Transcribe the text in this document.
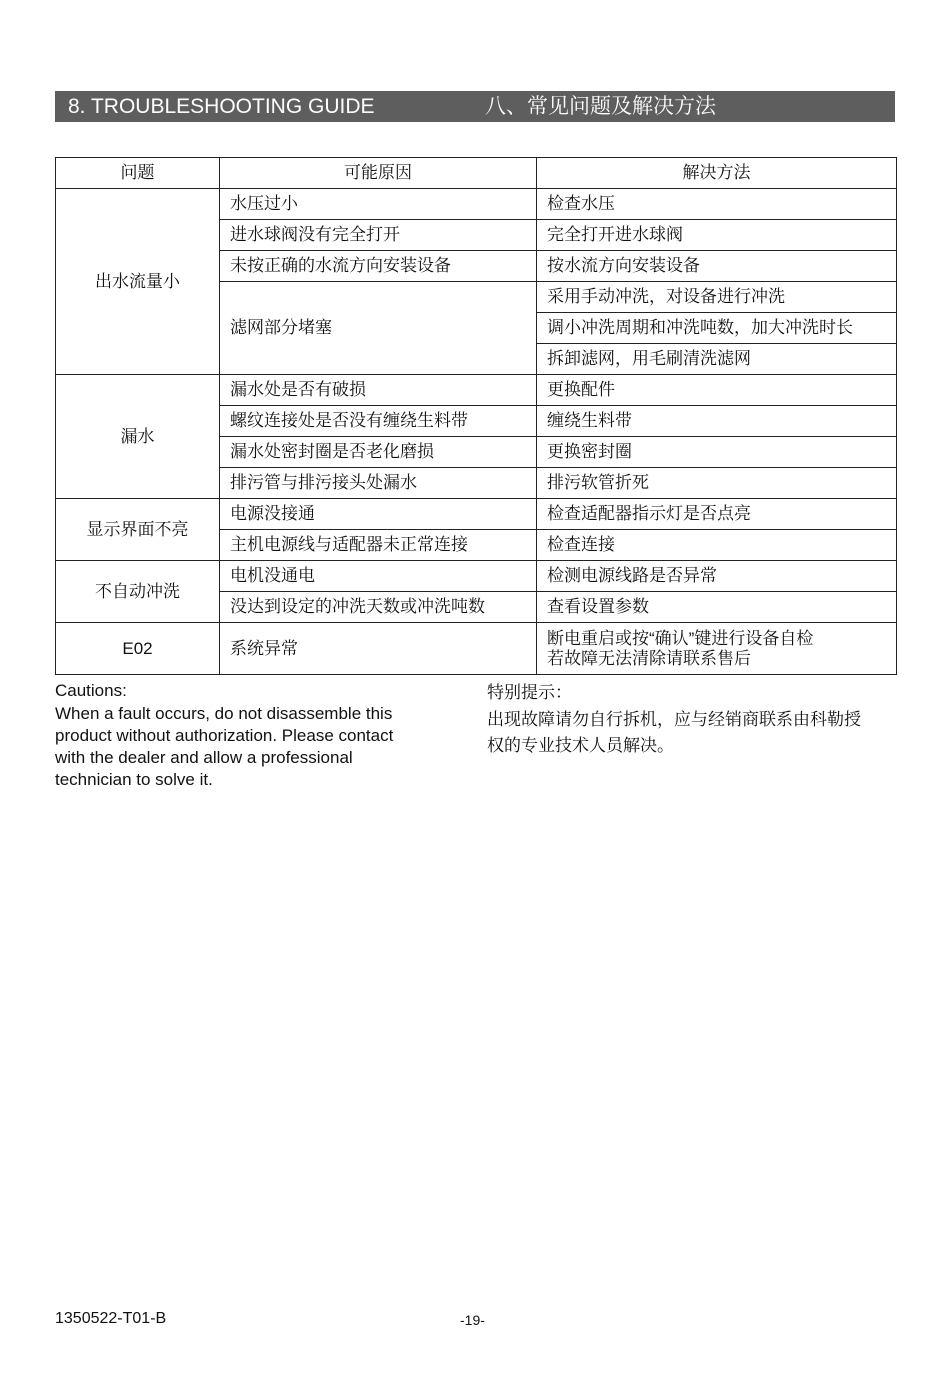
8. TROUBLESHOOTING GUIDE	八、常见问题及解决方法
问题	可能原因	解决方法
出水流量小	水压过小	检查水压
	进水球阀没有完全打开	完全打开进水球阀
	未按正确的水流方向安装设备	按水流方向安装设备
	滤网部分堵塞	采用手动冲洗，对设备进行冲洗
		调小冲洗周期和冲洗吨数，加大冲洗时长
		拆卸滤网，用毛刷清洗滤网
漏水	漏水处是否有破损	更换配件
	螺纹连接处是否没有缠绕生料带	缠绕生料带
	漏水处密封圈是否老化磨损	更换密封圈
	排污管与排污接头处漏水	排污软管折死
显示界面不亮	电源没接通	检查适配器指示灯是否点亮
	主机电源线与适配器未正常连接	检查连接
不自动冲洗	电机没通电	检测电源线路是否异常
	没达到设定的冲洗天数或冲洗吨数	查看设置参数
E02	系统异常	断电重启或按“确认”键进行设备自检
若故障无法清除请联系售后
Cautions:
When a fault occurs, do not disassemble this
product without authorization. Please contact
with the dealer and allow a professional
technician to solve it.
特别提示：
出现故障请勿自行拆机，应与经销商联系由科勒授
权的专业技术人员解决。
1350522-T01-B	-19-
